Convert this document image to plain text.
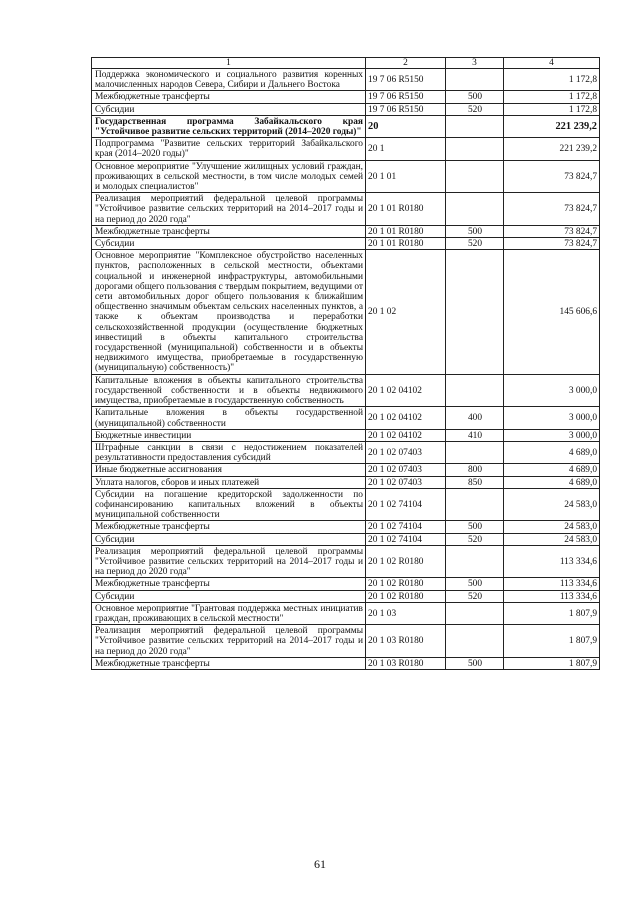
1	2	3	4
Поддержка экономического и социального развития коренных малочисленных народов Севера, Сибири и Дальнего Востока	19 7 06 R5150		1 172,8
Межбюджетные трансферты	19 7 06 R5150	500	1 172,8
Субсидии	19 7 06 R5150	520	1 172,8
Государственная программа Забайкальского края "Устойчивое развитие сельских территорий (2014–2020 годы)"	20		221 239,2
Подпрограмма "Развитие сельских территорий Забайкальского края (2014–2020 годы)"	20 1		221 239,2
Основное мероприятие "Улучшение жилищных условий граждан, проживающих в сельской местности, в том числе молодых семей и молодых специалистов"	20 1 01		73 824,7
Реализация мероприятий федеральной целевой программы "Устойчивое развитие сельских территорий на 2014–2017 годы и на период до 2020 года"	20 1 01 R0180		73 824,7
Межбюджетные трансферты	20 1 01 R0180	500	73 824,7
Субсидии	20 1 01 R0180	520	73 824,7
Основное мероприятие "Комплексное обустройство населенных пунктов, расположенных в сельской местности, объектами социальной и инженерной инфраструктуры, автомобильными дорогами общего пользования с твердым покрытием, ведущими от сети автомобильных дорог общего пользования к ближайшим общественно значимым объектам сельских населенных пунктов, а также к объектам производства и переработки сельскохозяйственной продукции (осуществление бюджетных инвестиций в объекты капитального строительства государственной (муниципальной) собственности и в объекты недвижимого имущества, приобретаемые в государственную (муниципальную) собственность)"	20 1 02		145 606,6
Капитальные вложения в объекты капитального строительства государственной собственности и в объекты недвижимого имущества, приобретаемые в государственную собственность	20 1 02 04102		3 000,0
Капитальные вложения в объекты государственной (муниципальной) собственности	20 1 02 04102	400	3 000,0
Бюджетные инвестиции	20 1 02 04102	410	3 000,0
Штрафные санкции в связи с недостижением показателей результативности предоставления субсидий	20 1 02 07403		4 689,0
Иные бюджетные ассигнования	20 1 02 07403	800	4 689,0
Уплата налогов, сборов и иных платежей	20 1 02 07403	850	4 689,0
Субсидии на погашение кредиторской задолженности по софинансированию капитальных вложений в объекты муниципальной собственности	20 1 02 74104		24 583,0
Межбюджетные трансферты	20 1 02 74104	500	24 583,0
Субсидии	20 1 02 74104	520	24 583,0
Реализация мероприятий федеральной целевой программы "Устойчивое развитие сельских территорий на 2014–2017 годы и на период до 2020 года"	20 1 02 R0180		113 334,6
Межбюджетные трансферты	20 1 02 R0180	500	113 334,6
Субсидии	20 1 02 R0180	520	113 334,6
Основное мероприятие "Грантовая поддержка местных инициатив граждан, проживающих в сельской местности"	20 1 03		1 807,9
Реализация мероприятий федеральной целевой программы "Устойчивое развитие сельских территорий на 2014–2017 годы и на период до 2020 года"	20 1 03 R0180		1 807,9
Межбюджетные трансферты	20 1 03 R0180	500	1 807,9
61
